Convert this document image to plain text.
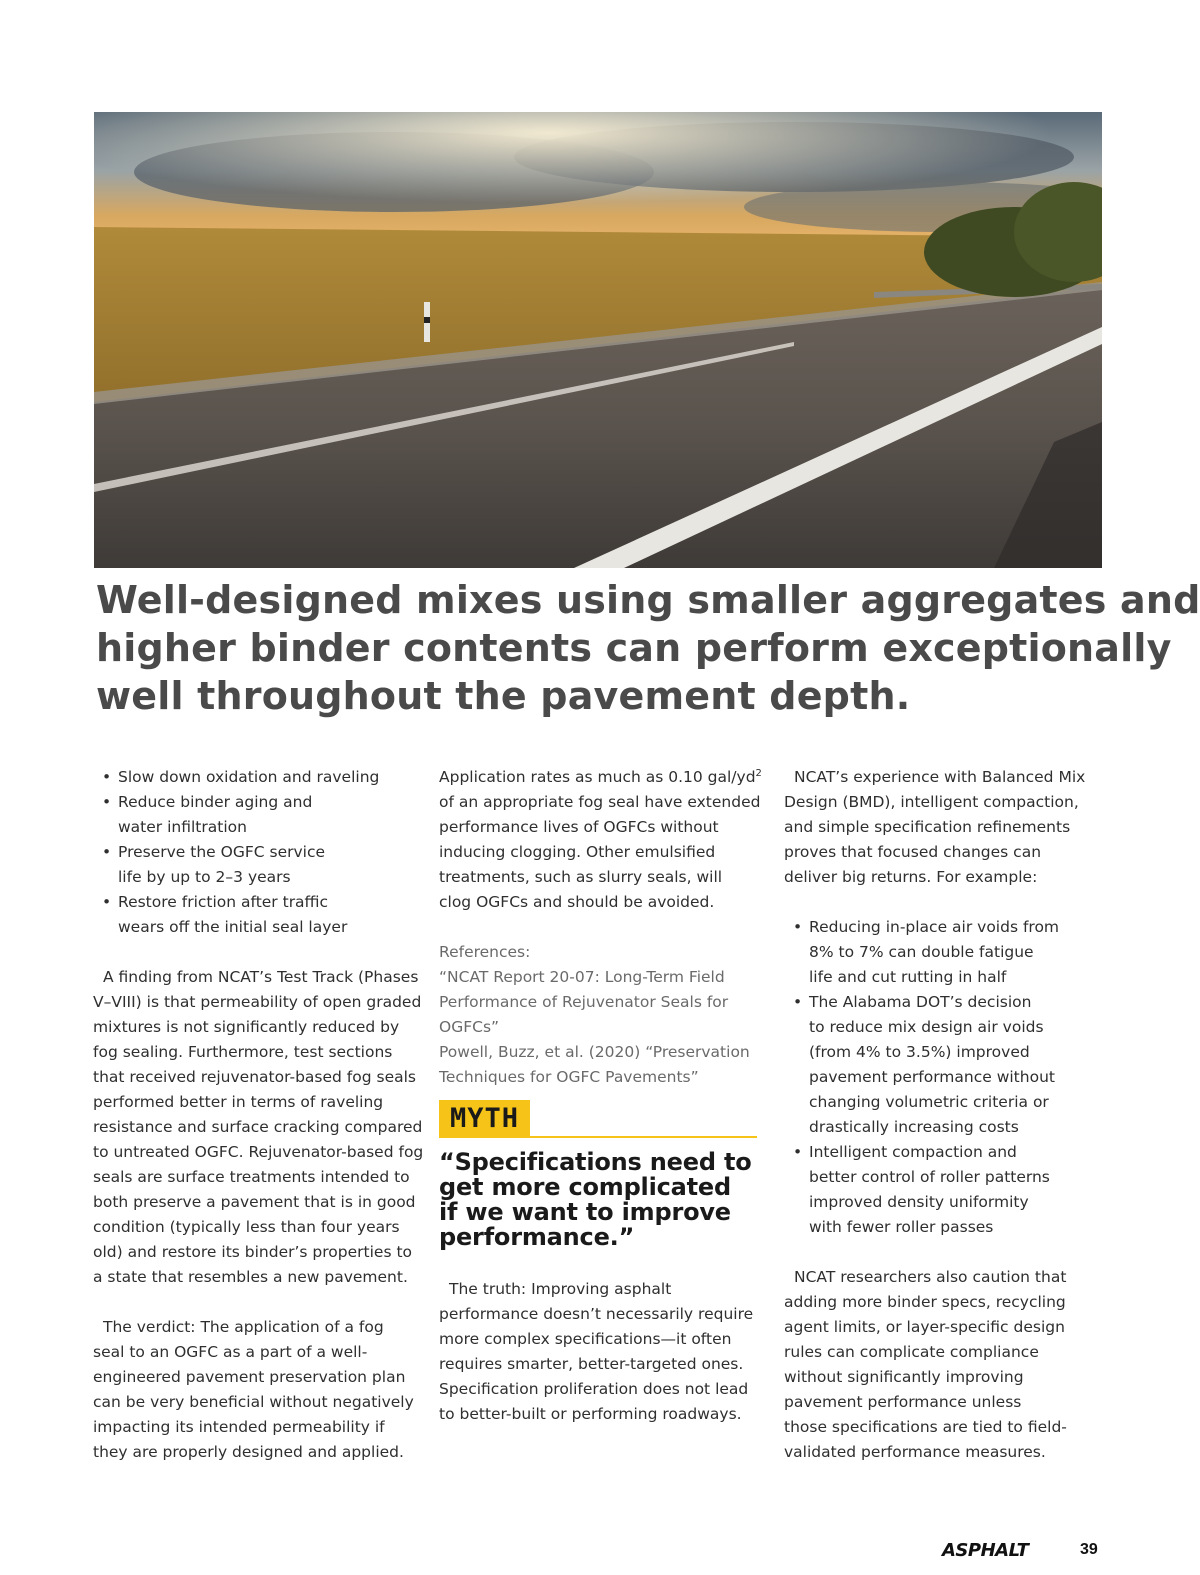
Well-designed mixes using smaller aggregates and
higher binder contents can perform exceptionally
well throughout the pavement depth.
• Slow down oxidation and raveling
• Reduce binder aging and
water infiltration
• Preserve the OGFC service
life by up to 2–3 years
• Restore friction after traffic
wears off the initial seal layer

A finding from NCAT’s Test Track (Phases
V–VIII) is that permeability of open graded
mixtures is not significantly reduced by
fog sealing. Furthermore, test sections
that received rejuvenator-based fog seals
performed better in terms of raveling
resistance and surface cracking compared
to untreated OGFC. Rejuvenator-based fog
seals are surface treatments intended to
both preserve a pavement that is in good
condition (typically less than four years
old) and restore its binder’s properties to
a state that resembles a new pavement.

The verdict: The application of a fog
seal to an OGFC as a part of a well-
engineered pavement preservation plan
can be very beneficial without negatively
impacting its intended permeability if
they are properly designed and applied.

Application rates as much as 0.10 gal/$yd^2$
of an appropriate fog seal have extended
performance lives of OGFCs without
inducing clogging. Other emulsified
treatments, such as slurry seals, will
clog OGFCs and should be avoided.

References:
“NCAT Report 20-07: Long-Term Field
Performance of Rejuvenator Seals for
OGFCs”
Powell, Buzz, et al. (2020) “Preservation
Techniques for OGFC Pavements”

MYTH

“Specifications need to
get more complicated
if we want to improve
performance.”

The truth: Improving asphalt
performance doesn’t necessarily require
more complex specifications—it often
requires smarter, better-targeted ones.
Specification proliferation does not lead
to better-built or performing roadways.

NCAT’s experience with Balanced Mix
Design (BMD), intelligent compaction,
and simple specification refinements
proves that focused changes can
deliver big returns. For example:

• Reducing in-place air voids from
8% to 7% can double fatigue
life and cut rutting in half
• The Alabama DOT’s decision
to reduce mix design air voids
(from 4% to 3.5%) improved
pavement performance without
changing volumetric criteria or
drastically increasing costs
• Intelligent compaction and
better control of roller patterns
improved density uniformity
with fewer roller passes

NCAT researchers also caution that
adding more binder specs, recycling
agent limits, or layer-specific design
rules can complicate compliance
without significantly improving
pavement performance unless
those specifications are tied to field-
validated performance measures.

ASPHALT	39
